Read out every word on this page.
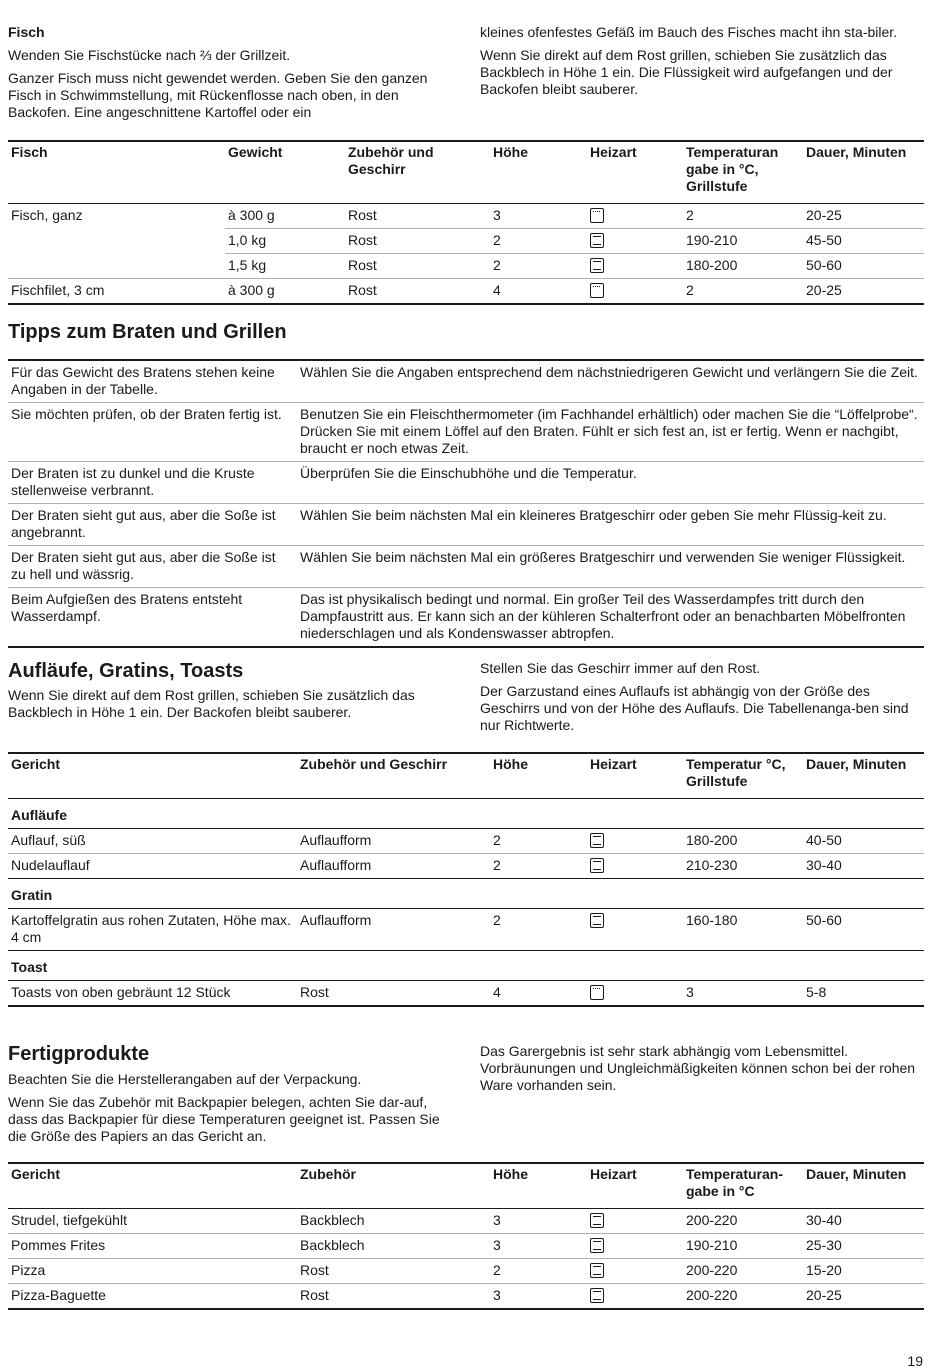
Fisch

Wenden Sie Fischstücke nach ⅔ der Grillzeit.

Ganzer Fisch muss nicht gewendet werden. Geben Sie den ganzen Fisch in Schwimmstellung, mit Rückenflosse nach oben, in den Backofen. Eine angeschnittene Kartoffel oder ein

kleines ofenfestes Gefäß im Bauch des Fisches macht ihn sta-biler.

Wenn Sie direkt auf dem Rost grillen, schieben Sie zusätzlich das Backblech in Höhe 1 ein. Die Flüssigkeit wird aufgefangen und der Backofen bleibt sauberer.

Fisch	Gewicht	Zubehör und Geschirr	Höhe	Heizart	Temperaturan gabe in °C, Grillstufe	Dauer, Minuten
Fisch, ganz	à 300 g	Rost	3		2	20-25
	1,0 kg	Rost	2		190-210	45-50
	1,5 kg	Rost	2		180-200	50-60
Fischfilet, 3 cm	à 300 g	Rost	4		2	20-25
Tipps zum Braten und Grillen
Für das Gewicht des Bratens stehen keine Angaben in der Tabelle.	Wählen Sie die Angaben entsprechend dem nächstniedrigeren Gewicht und verlängern Sie die Zeit.
Sie möchten prüfen, ob der Braten fertig ist.	Benutzen Sie ein Fleischthermometer (im Fachhandel erhältlich) oder machen Sie die “Löffelprobe“. Drücken Sie mit einem Löffel auf den Braten. Fühlt er sich fest an, ist er fertig. Wenn er nachgibt, braucht er noch etwas Zeit.
Der Braten ist zu dunkel und die Kruste stellenweise verbrannt.	Überprüfen Sie die Einschubhöhe und die Temperatur.
Der Braten sieht gut aus, aber die Soße ist angebrannt.	Wählen Sie beim nächsten Mal ein kleineres Bratgeschirr oder geben Sie mehr Flüssig-keit zu.
Der Braten sieht gut aus, aber die Soße ist zu hell und wässrig.	Wählen Sie beim nächsten Mal ein größeres Bratgeschirr und verwenden Sie weniger Flüssigkeit.
Beim Aufgießen des Bratens entsteht Wasserdampf.	Das ist physikalisch bedingt und normal. Ein großer Teil des Wasserdampfes tritt durch den Dampfaustritt aus. Er kann sich an der kühleren Schalterfront oder an benachbarten Möbelfronten niederschlagen und als Kondenswasser abtropfen.
Aufläufe, Gratins, Toasts

Wenn Sie direkt auf dem Rost grillen, schieben Sie zusätzlich das Backblech in Höhe 1 ein. Der Backofen bleibt sauberer.

Stellen Sie das Geschirr immer auf den Rost.

Der Garzustand eines Auflaufs ist abhängig von der Größe des Geschirrs und von der Höhe des Auflaufs. Die Tabellenanga-ben sind nur Richtwerte.

Gericht	Zubehör und Geschirr	Höhe	Heizart	Temperatur °C, Grillstufe	Dauer, Minuten
Aufläufe					
Auflauf, süß	Auflaufform	2		180-200	40-50
Nudelauflauf	Auflaufform	2		210-230	30-40
Gratin					
Kartoffelgratin aus rohen Zutaten, Höhe max. 4 cm	Auflaufform	2		160-180	50-60
Toast					
Toasts von oben gebräunt 12 Stück	Rost	4		3	5-8
Fertigprodukte

Beachten Sie die Herstellerangaben auf der Verpackung.

Wenn Sie das Zubehör mit Backpapier belegen, achten Sie dar-auf, dass das Backpapier für diese Temperaturen geeignet ist. Passen Sie die Größe des Papiers an das Gericht an.

Das Garergebnis ist sehr stark abhängig vom Lebensmittel. Vorbräunungen und Ungleichmäßigkeiten können schon bei der rohen Ware vorhanden sein.

Gericht	Zubehör	Höhe	Heizart	Temperaturan-gabe in °C	Dauer, Minuten
Strudel, tiefgekühlt	Backblech	3		200-220	30-40
Pommes Frites	Backblech	3		190-210	25-30
Pizza	Rost	2		200-220	15-20
Pizza-Baguette	Rost	3		200-220	20-25
19
